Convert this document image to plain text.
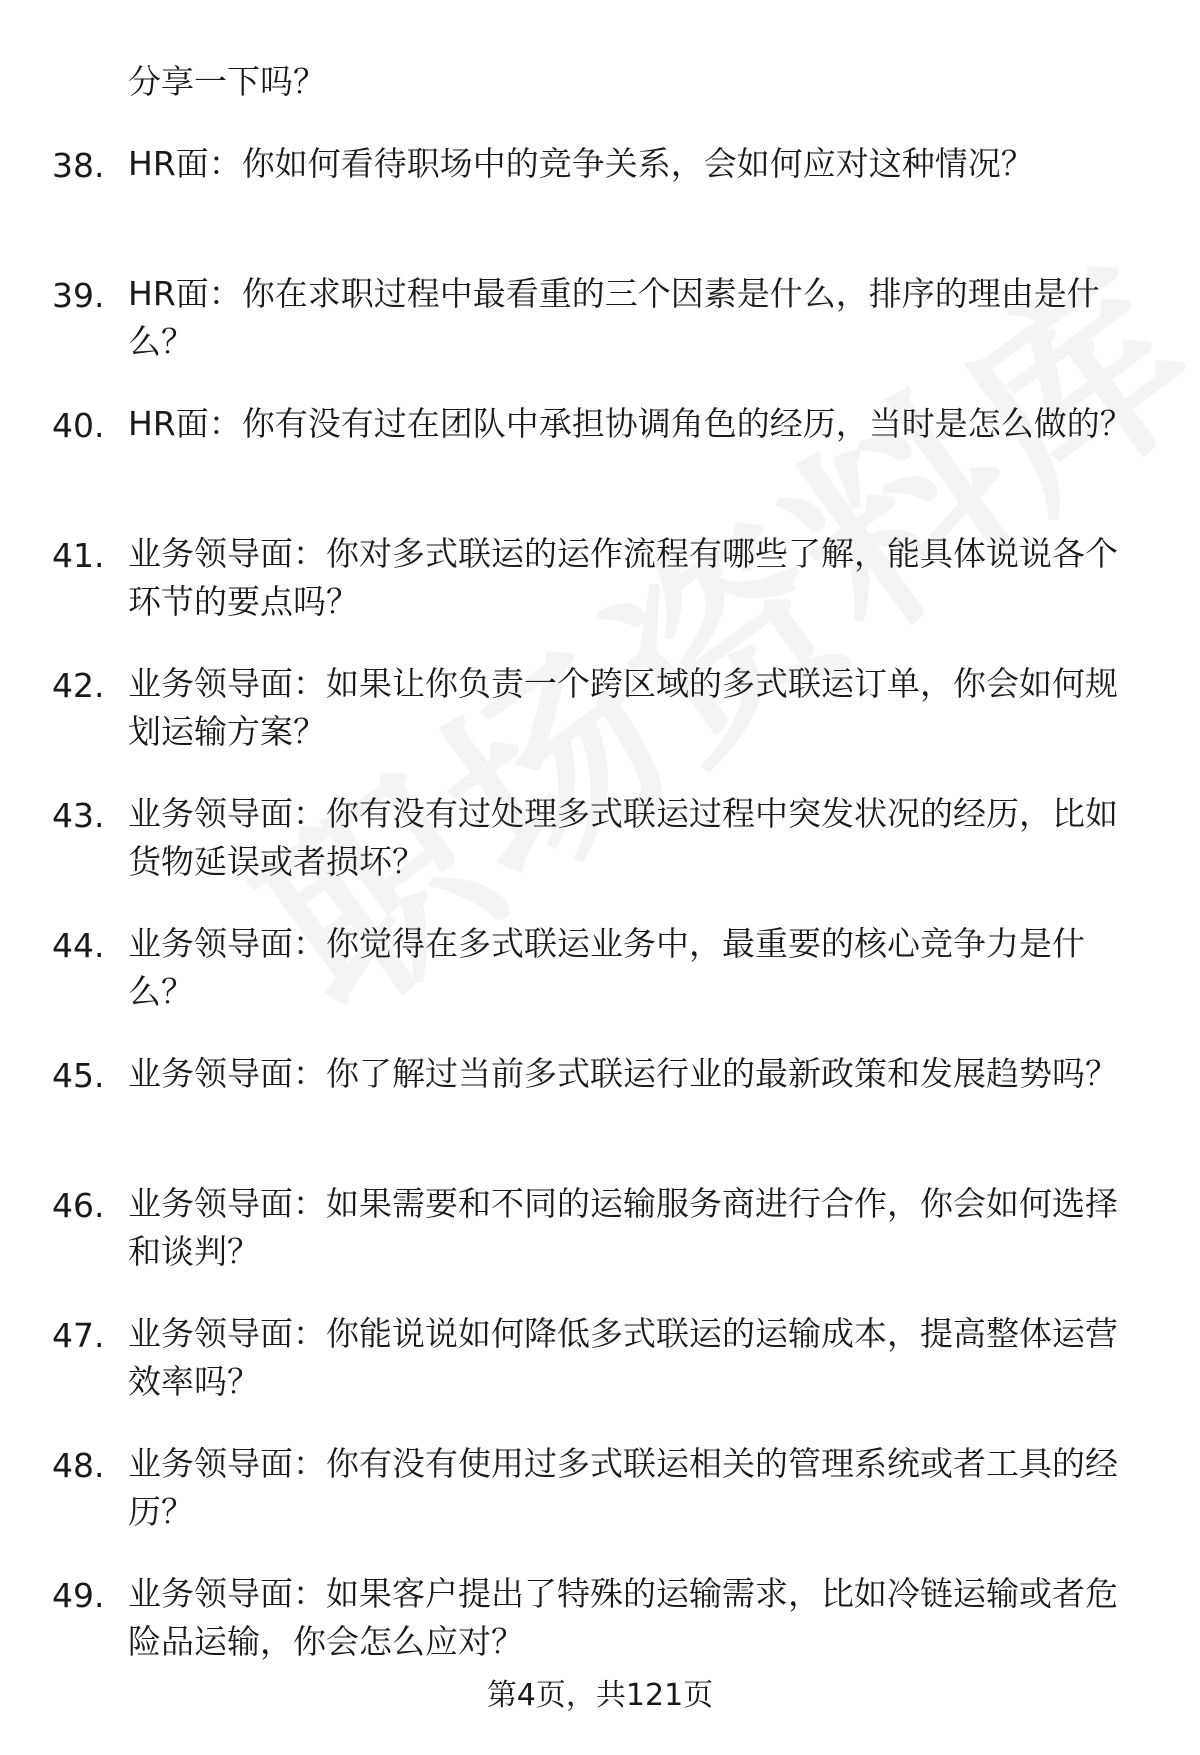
分享一下吗？
38. HR面：你如何看待职场中的竞争关系，会如何应对这种情况？
39. HR面：你在求职过程中最看重的三个因素是什么，排序的理由是什么？
40. HR面：你有没有过在团队中承担协调角色的经历，当时是怎么做的？
41. 业务领导面：你对多式联运的运作流程有哪些了解，能具体说说各个环节的要点吗？
42. 业务领导面：如果让你负责一个跨区域的多式联运订单，你会如何规划运输方案？
43. 业务领导面：你有没有过处理多式联运过程中突发状况的经历，比如货物延误或者损坏？
44. 业务领导面：你觉得在多式联运业务中，最重要的核心竞争力是什么？
45. 业务领导面：你了解过当前多式联运行业的最新政策和发展趋势吗？
46. 业务领导面：如果需要和不同的运输服务商进行合作，你会如何选择和谈判？
47. 业务领导面：你能说说如何降低多式联运的运输成本，提高整体运营效率吗？
48. 业务领导面：你有没有使用过多式联运相关的管理系统或者工具的经历？
49. 业务领导面：如果客户提出了特殊的运输需求，比如冷链运输或者危险品运输，你会怎么应对？
第4页，共121页
